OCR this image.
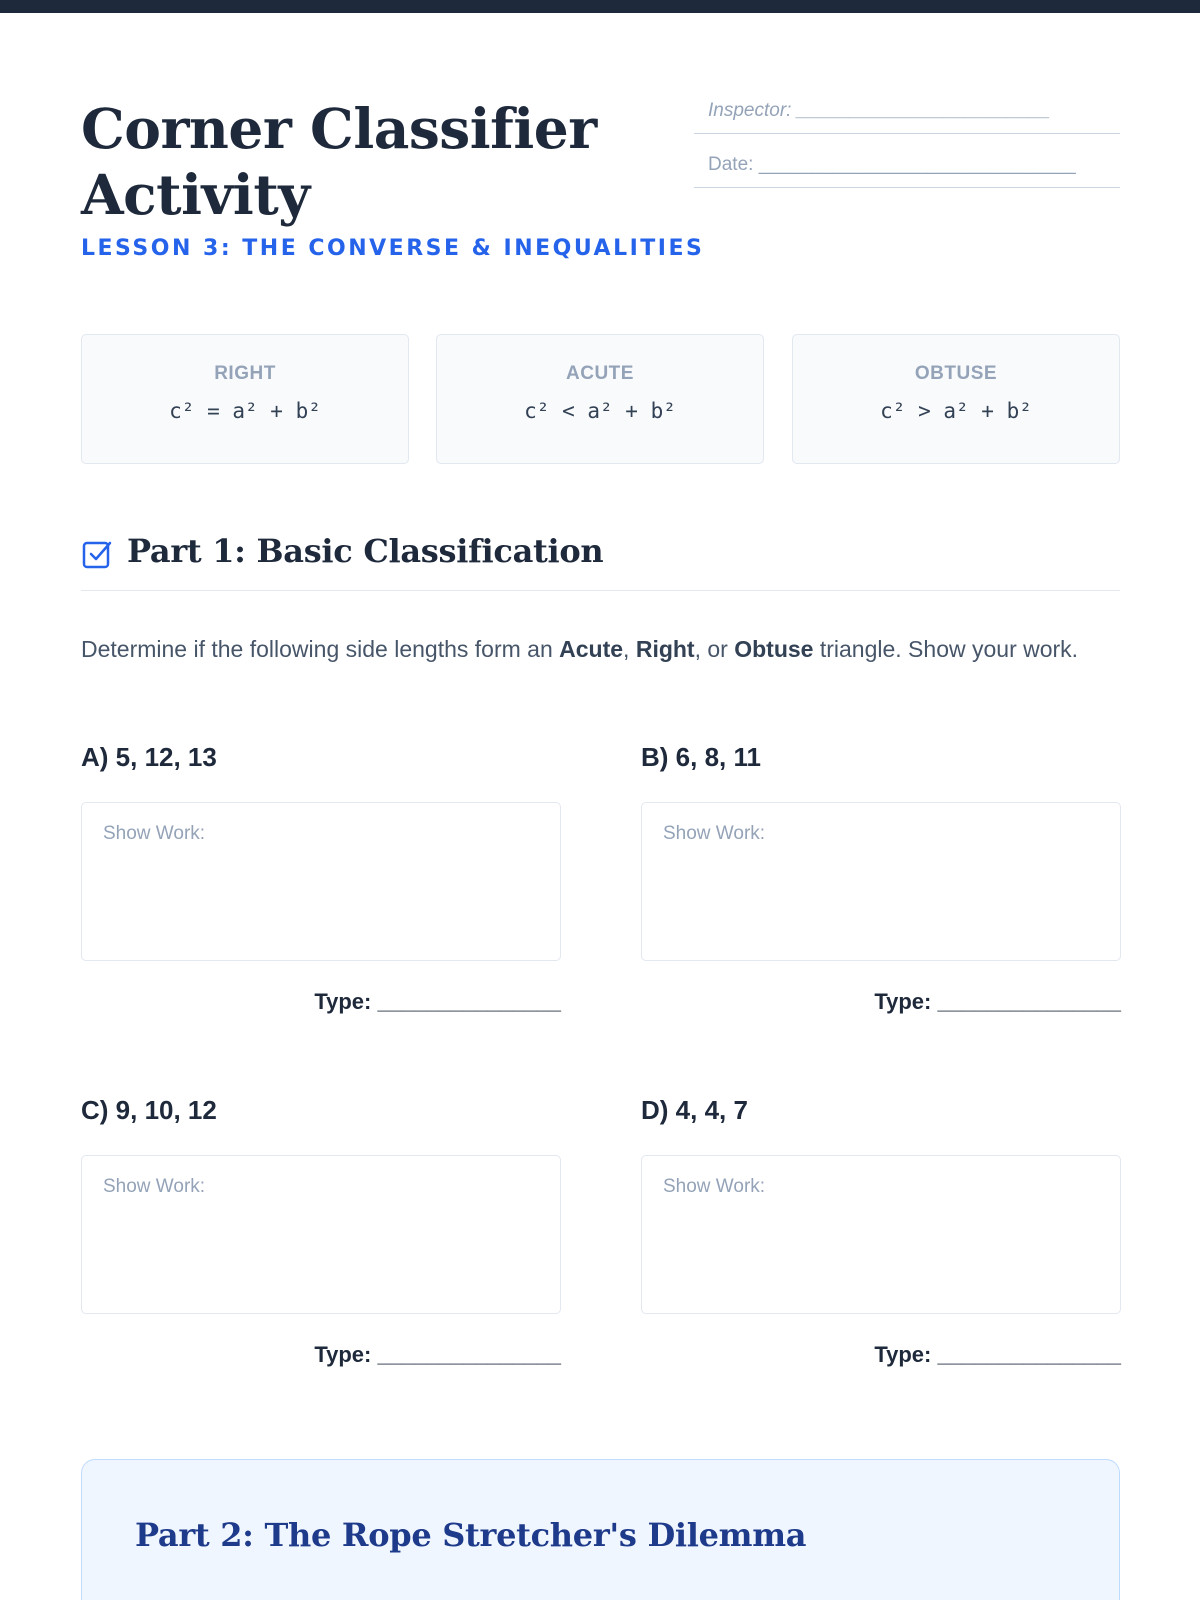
Corner Classifier
Activity
LESSON 3: THE CONVERSE & INEQUALITIES
Inspector: ________________________
Date: ______________________________
RIGHT
c² = a² + b²
ACUTE
c² < a² + b²
OBTUSE
c² > a² + b²
Part 1: Basic Classification
Determine if the following side lengths form an Acute, Right, or Obtuse triangle. Show your work.
A) 5, 12, 13
Show Work:
Type: _______________
B) 6, 8, 11
Show Work:
Type: _______________
C) 9, 10, 12
Show Work:
Type: _______________
D) 4, 4, 7
Show Work:
Type: _______________
Part 2: The Rope Stretcher's Dilemma
